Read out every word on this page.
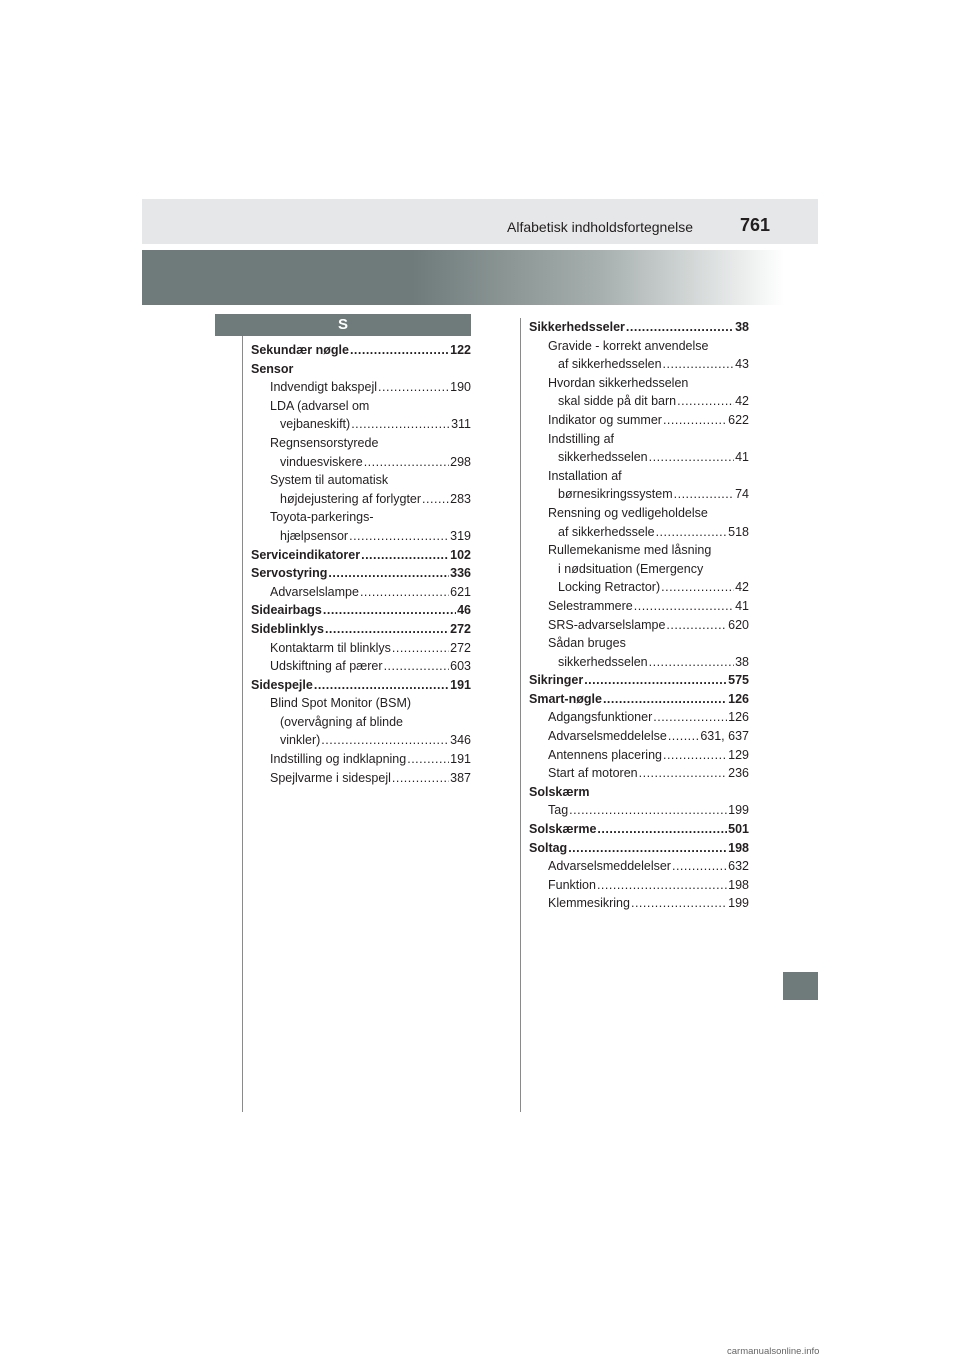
Alfabetisk indholdsfortegnelse	761
S
Sekundær nøgle .....	122
Sensor
Indvendigt bakspejl .....	190
LDA (advarsel om
vejbaneskift) .....	311
Regnsensorstyrede
vinduesviskere .....	298
System til automatisk
højdejustering af forlygter ..... 283
Toyota-parkerings-
hjælpsensor .....	319
Serviceindikatorer .....	102
Servostyring .....	336
Advarselslampe .....	621
Sideairbags .....	46
Sideblinklys .....	272
Kontaktarm til blinklys .....	272
Udskiftning af pærer .....	603
Sidespejle .....	191
Blind Spot Monitor (BSM)
(overvågning af blinde
vinkler) .....	346
Indstilling og indklapning .....	191
Spejlvarme i sidespejl .....	387
Sikkerhedsseler .....	38
Gravide - korrekt anvendelse
af sikkerhedsselen .....	43
Hvordan sikkerhedsselen
skal sidde på dit barn .....	42
Indikator og summer .....	622
Indstilling af
sikkerhedsselen .....	41
Installation af
børnesikringssystem .....	74
Rensning og vedligeholdelse
af sikkerhedssele .....	518
Rullemekanisme med låsning
i nødsituation (Emergency
Locking Retractor) .....	42
Selestrammere .....	41
SRS-advarselslampe .....	620
Sådan bruges
sikkerhedsselen .....	38
Sikringer .....	575
Smart-nøgle .....	126
Adgangsfunktioner .....	126
Advarselsmeddelelse .....	631, 637
Antennens placering .....	129
Start af motoren .....	236
Solskærm
Tag .....	199
Solskærme .....	501
Soltag .....	198
Advarselsmeddelelser .....	632
Funktion .....	198
Klemmesikring .....	199
carmanualsonline.info
